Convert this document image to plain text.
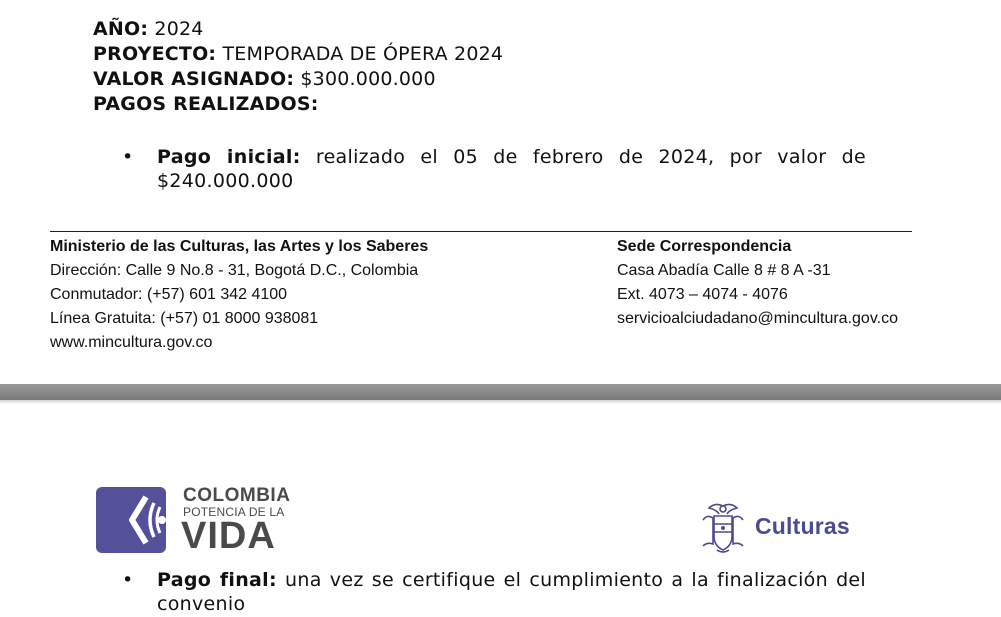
AÑO: 2024
PROYECTO: TEMPORADA DE ÓPERA 2024
VALOR ASIGNADO: $300.000.000
PAGOS REALIZADOS:
•	Pago inicial: realizado el 05 de febrero de 2024, por valor de $240.000.000
Ministerio de las Culturas, las Artes y los Saberes
Dirección: Calle 9 No.8 - 31, Bogotá D.C., Colombia
Conmutador: (+57) 601 342 4100
Línea Gratuita: (+57) 01 8000 938081
www.mincultura.gov.co
Sede Correspondencia
Casa Abadía Calle 8 # 8 A -31
Ext. 4073 – 4074 - 4076
servicioalciudadano@mincultura.gov.co
COLOMBIA
POTENCIA DE LA
VIDA	Culturas
•	Pago final: una vez se certifique el cumplimiento a la finalización del convenio
